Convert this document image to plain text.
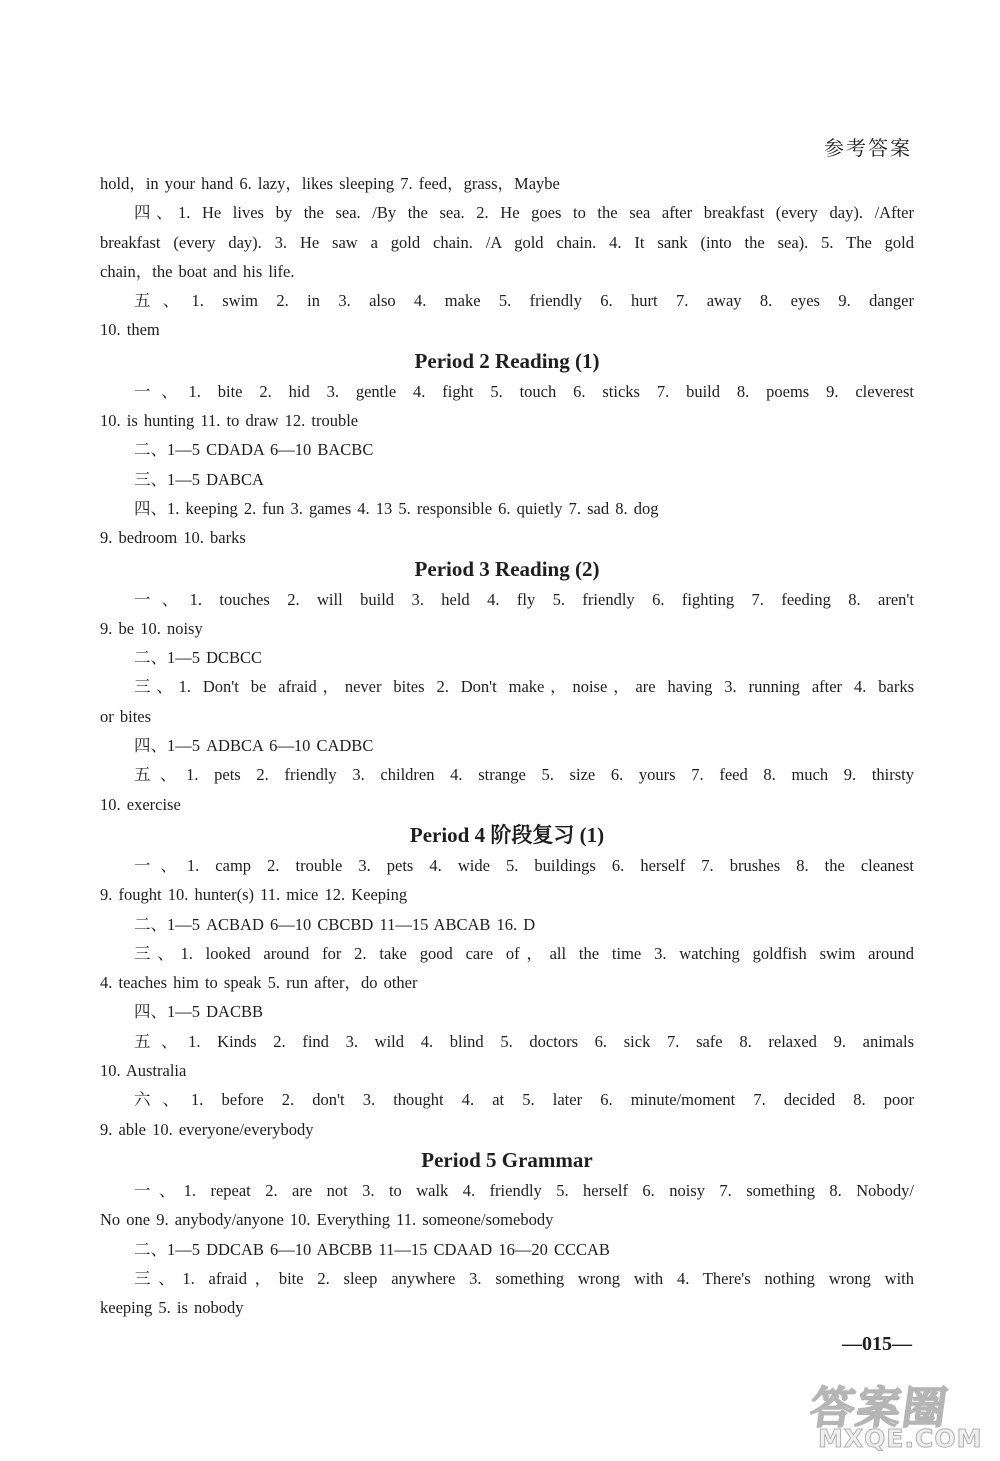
参考答案
hold，in your hand 6. lazy，likes sleeping 7. feed，grass，Maybe
四、1. He lives by the sea. /By the sea. 2. He goes to the sea after breakfast (every day). /After
breakfast (every day). 3. He saw a gold chain. /A gold chain. 4. It sank (into the sea). 5. The gold
chain，the boat and his life.
五、1. swim 2. in 3. also 4. make 5. friendly 6. hurt 7. away 8. eyes 9. danger
10. them
Period 2 Reading (1)
一、1. bite 2. hid 3. gentle 4. fight 5. touch 6. sticks 7. build 8. poems 9. cleverest
10. is hunting 11. to draw 12. trouble
二、1—5 CDADA 6—10 BACBC
三、1—5 DABCA
四、1. keeping 2. fun 3. games 4. 13 5. responsible 6. quietly 7. sad 8. dog
9. bedroom 10. barks
Period 3 Reading (2)
一、1. touches 2. will build 3. held 4. fly 5. friendly 6. fighting 7. feeding 8. aren't
9. be 10. noisy
二、1—5 DCBCC
三、1. Don't be afraid，never bites 2. Don't make，noise，are having 3. running after 4. barks
or bites
四、1—5 ADBCA 6—10 CADBC
五、1. pets 2. friendly 3. children 4. strange 5. size 6. yours 7. feed 8. much 9. thirsty
10. exercise
Period 4 阶段复习 (1)
一、1. camp 2. trouble 3. pets 4. wide 5. buildings 6. herself 7. brushes 8. the cleanest
9. fought 10. hunter(s) 11. mice 12. Keeping
二、1—5 ACBAD 6—10 CBCBD 11—15 ABCAB 16. D
三、1. looked around for 2. take good care of，all the time 3. watching goldfish swim around
4. teaches him to speak 5. run after，do other
四、1—5 DACBB
五、1. Kinds 2. find 3. wild 4. blind 5. doctors 6. sick 7. safe 8. relaxed 9. animals
10. Australia
六、1. before 2. don't 3. thought 4. at 5. later 6. minute/moment 7. decided 8. poor
9. able 10. everyone/everybody
Period 5 Grammar
一、1. repeat 2. are not 3. to walk 4. friendly 5. herself 6. noisy 7. something 8. Nobody/
No one 9. anybody/anyone 10. Everything 11. someone/somebody
二、1—5 DDCAB 6—10 ABCBB 11—15 CDAAD 16—20 CCCAB
三、1. afraid，bite 2. sleep anywhere 3. something wrong with 4. There's nothing wrong with
keeping 5. is nobody
—015—
答案圈
MXQE.COM
